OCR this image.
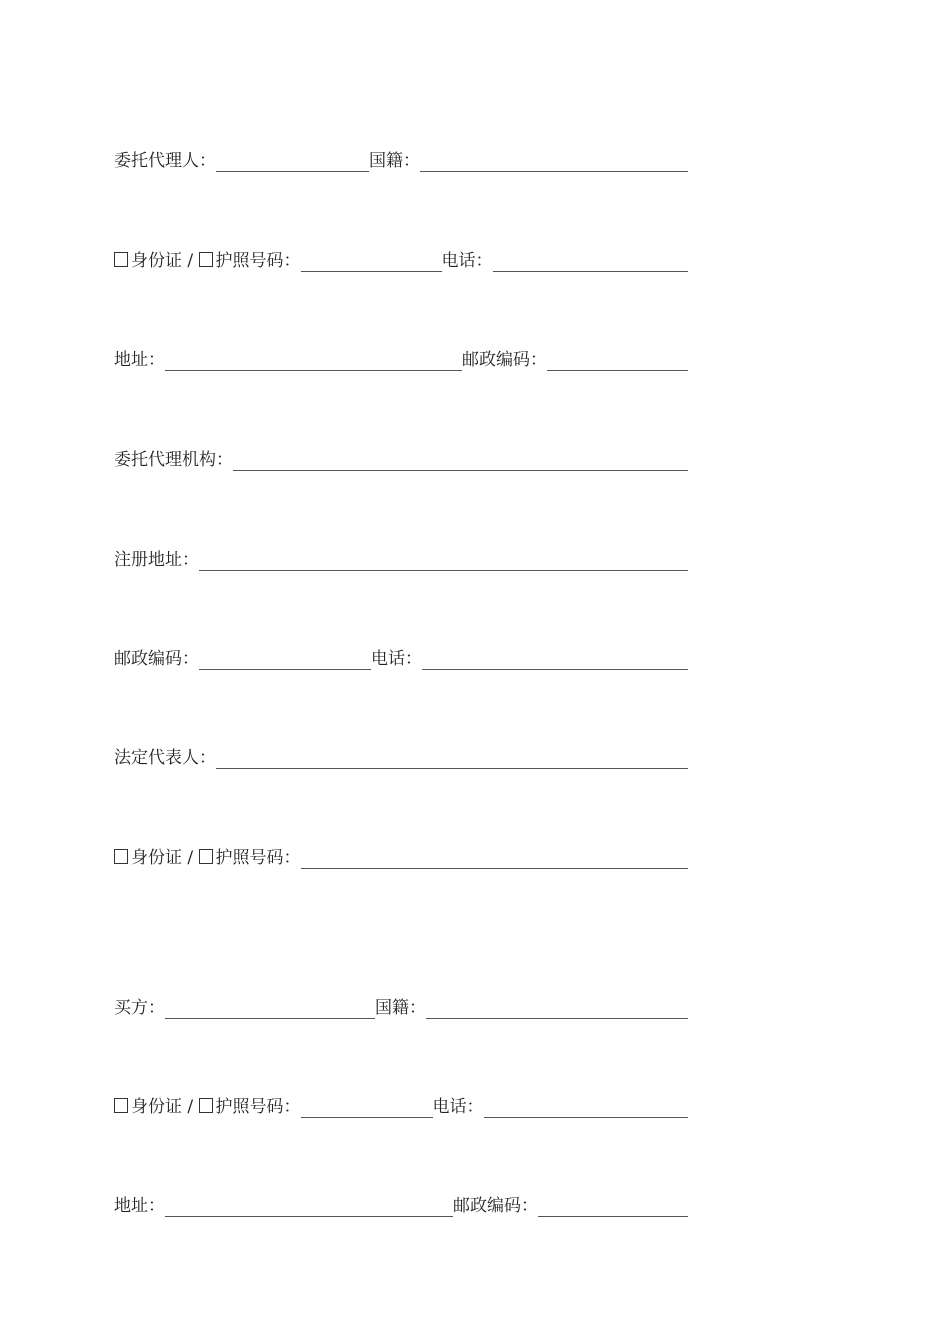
委托代理人：	国籍：
身份证 / 护照号码：	电话：
地址：	邮政编码：
委托代理机构：
注册地址：
邮政编码：	电话：
法定代表人：
身份证 / 护照号码：
买方：	国籍：
身份证 / 护照号码：	电话：
地址：	邮政编码：
